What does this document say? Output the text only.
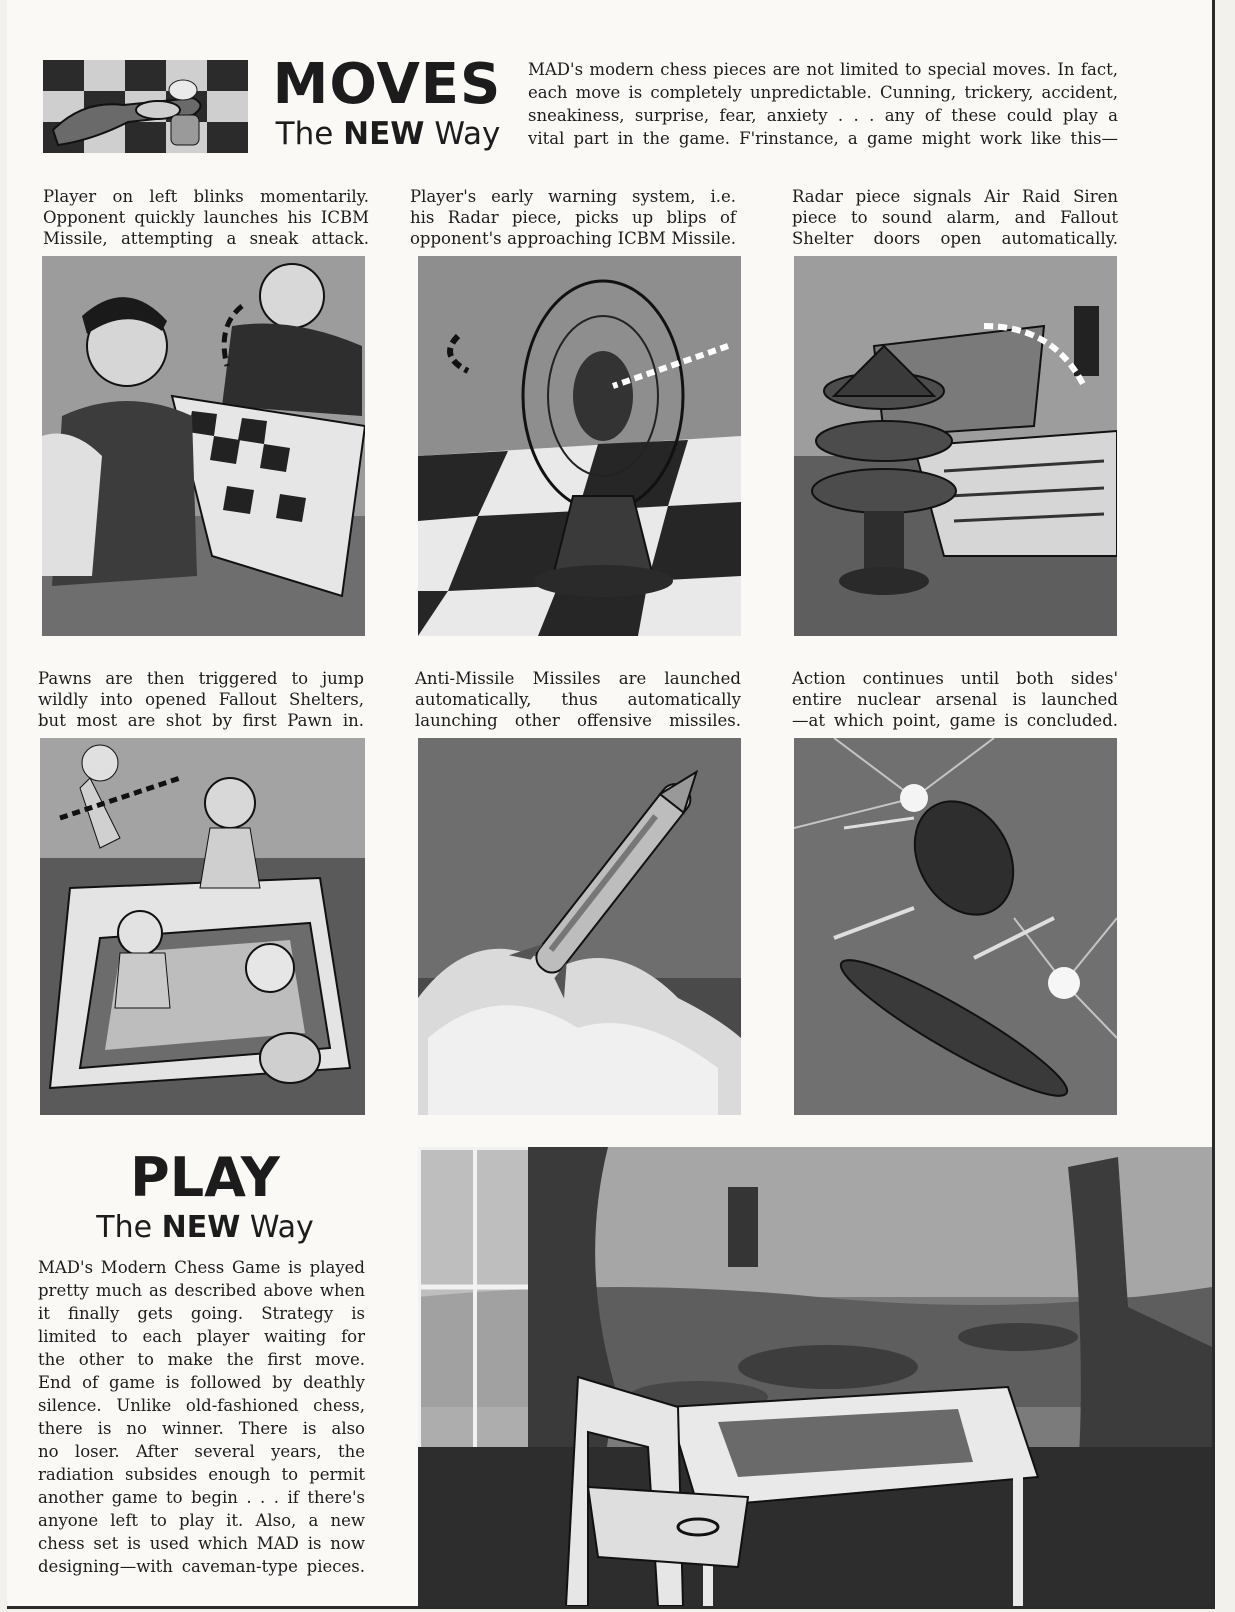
MOVES
The NEW Way
MAD's modern chess pieces are not limited to special moves. In fact,
each move is completely unpredictable. Cunning, trickery, accident,
sneakiness, surprise, fear, anxiety . . . any of these could play a
vital part in the game. F'rinstance, a game might work like this—
Player on left blinks momentarily.
Opponent quickly launches his ICBM
Missile, attempting a sneak attack.
Player's early warning system, i.e.
his Radar piece, picks up blips of
opponent's approaching ICBM Missile.
Radar piece signals Air Raid Siren
piece to sound alarm, and Fallout
Shelter doors open automatically.
Pawns are then triggered to jump
wildly into opened Fallout Shelters,
but most are shot by first Pawn in.
Anti-Missile Missiles are launched
automatically, thus automatically
launching other offensive missiles.
Action continues until both sides'
entire nuclear arsenal is launched
—at which point, game is concluded.
PLAY
The NEW Way
MAD's Modern Chess Game is played
pretty much as described above when
it finally gets going. Strategy is
limited to each player waiting for
the other to make the first move.
End of game is followed by deathly
silence. Unlike old-fashioned chess,
there is no winner. There is also
no loser. After several years, the
radiation subsides enough to permit
another game to begin . . . if there's
anyone left to play it. Also, a new
chess set is used which MAD is now
designing—with caveman-type pieces.
